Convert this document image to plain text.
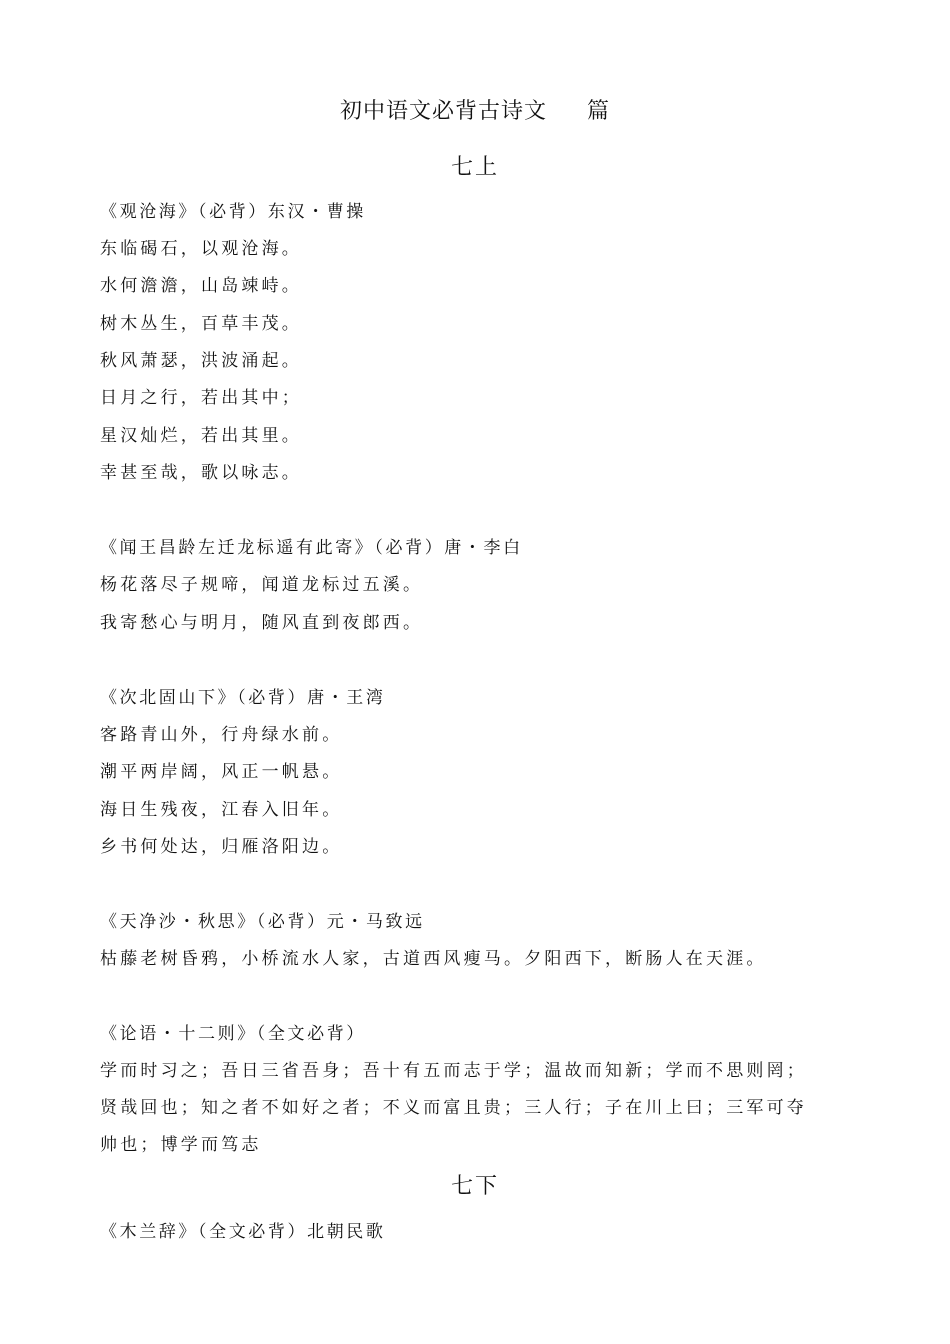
初中语文必背古诗文 篇
七上
《观沧海》（必背）东汉・曹操
东临碣石，以观沧海。
水何澹澹，山岛竦峙。
树木丛生，百草丰茂。
秋风萧瑟，洪波涌起。
日月之行，若出其中；
星汉灿烂，若出其里。
幸甚至哉，歌以咏志。
《闻王昌龄左迁龙标遥有此寄》（必背）唐・李白
杨花落尽子规啼，闻道龙标过五溪。
我寄愁心与明月，随风直到夜郎西。
《次北固山下》（必背）唐・王湾
客路青山外，行舟绿水前。
潮平两岸阔，风正一帆悬。
海日生残夜，江春入旧年。
乡书何处达，归雁洛阳边。
《天净沙・秋思》（必背）元・马致远
枯藤老树昏鸦，小桥流水人家，古道西风瘦马。夕阳西下，断肠人在天涯。
《论语・十二则》（全文必背）
学而时习之；吾日三省吾身；吾十有五而志于学；温故而知新；学而不思则罔；
贤哉回也；知之者不如好之者；不义而富且贵；三人行；子在川上曰；三军可夺
帅也；博学而笃志
七下
《木兰辞》（全文必背）北朝民歌
